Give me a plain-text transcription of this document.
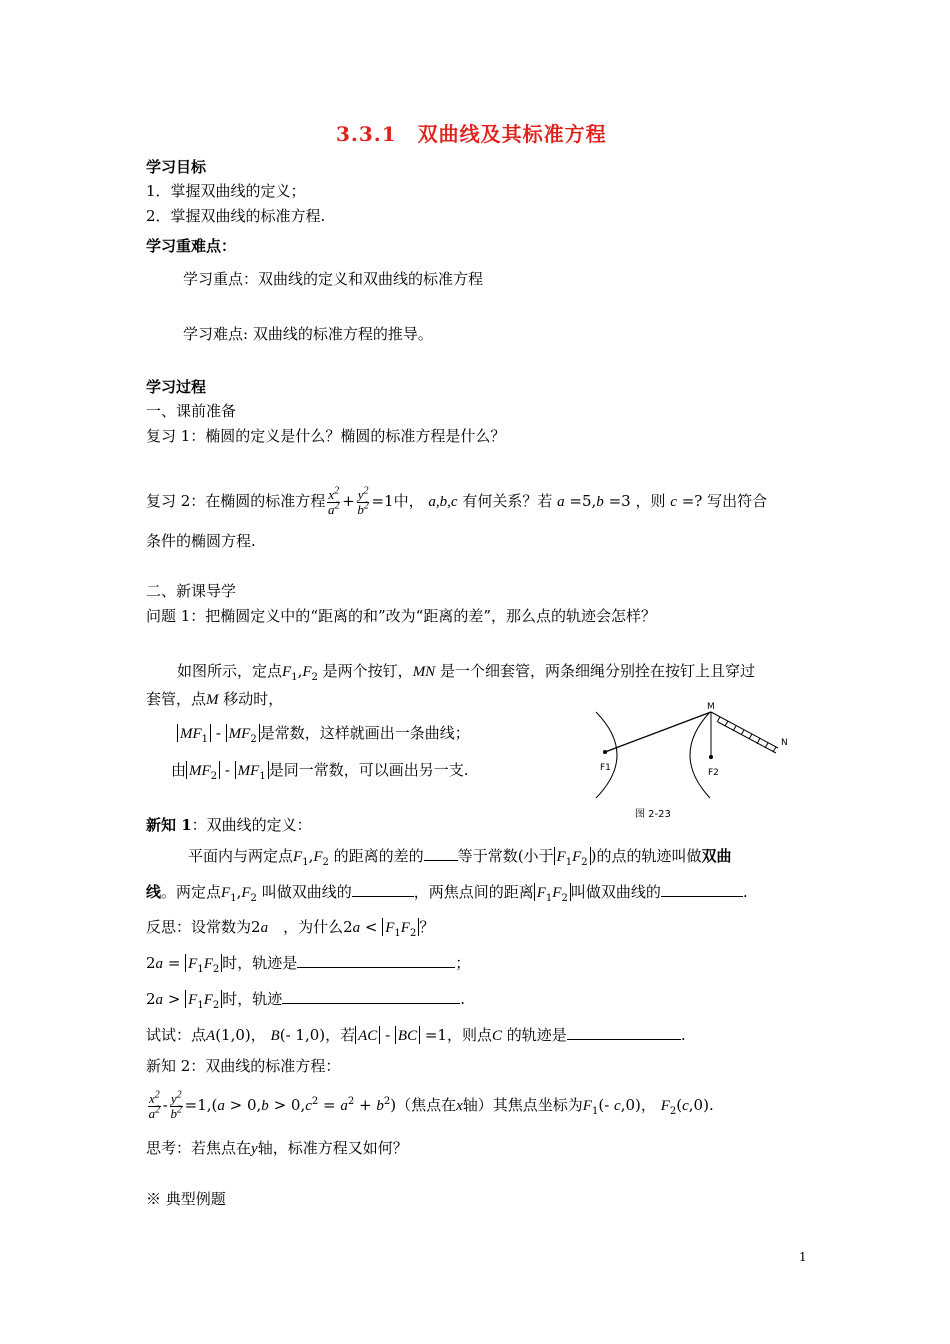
3.3.1　双曲线及其标准方程
学习目标
1．掌握双曲线的定义；
2．掌握双曲线的标准方程.
学习重难点：
学习重点：双曲线的定义和双曲线的标准方程
学习难点: 双曲线的标准方程的推导。
学习过程
一、课前准备
复习 1：椭圆的定义是什么？椭圆的标准方程是什么？
复习 2：在椭圆的标准方程 $\frac{x^2}{a^2} + \frac{y^2}{b^2} =1$中， a,b,c 有何关系？若 a =5,b =3 ，则 c =? 写出符合
条件的椭圆方程.
二、新课导学
问题 1：把椭圆定义中的“距离的和”改为“距离的差”，那么点的轨迹会怎样？
如图所示，定点$F_1,F_2$ 是两个按钉，MN 是一个细套管，两条细绳分别拴在按钉上且穿过
套管，点M 移动时，
$MF_1 - MF_2$ 是常数，这样就画出一条曲线；
由 $MF_2 - MF_1$ 是同一常数，可以画出另一支.
M
N
F1	F2
图 2-23
新知 1：双曲线的定义：
平面内与两定点$F_1,F_2$ 的距离的差的 等于常数(小于 $F_1F_2$ )的点的轨迹叫做双曲
线。两定点$F_1,F_2$ 叫做双曲线的	，两焦点间的距离 $F_1F_2$ 叫做双曲线的	.
反思：设常数为2a　 ，为什么$2a < F_1F_2$ ？
$2a = F_1F_2$ 时，轨迹是	；
$2a > F_1F_2$ 时，轨迹	.
试试：点A(1,0)， B(- 1,0)，若 AC - BC =1，则点C 的轨迹是	.
新知 2：双曲线的标准方程：
$\frac{x^2}{a^2} - \frac{y^2}{b^2} =1,(a > 0,b > 0,c^2 = a^2 + b^2)$（焦点在x轴）其焦点坐标为$F_1(-$ c,0)， $F_2(c,0)$.
思考：若焦点在y轴，标准方程又如何？
※ 典型例题
1
